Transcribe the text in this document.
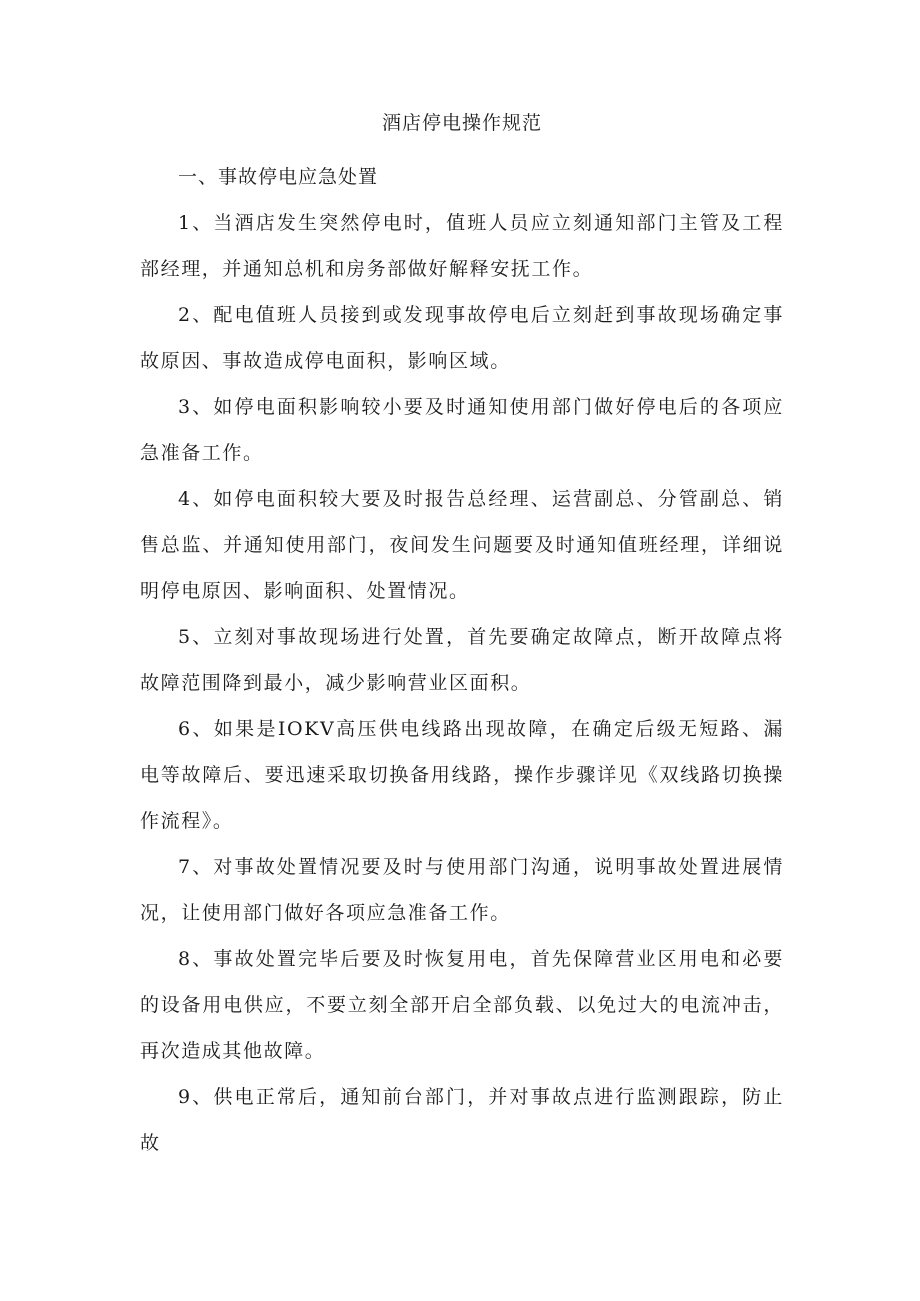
酒店停电操作规范

一、事故停电应急处置

1、当酒店发生突然停电时，值班人员应立刻通知部门主管及工程部经理，并通知总机和房务部做好解释安抚工作。

2、配电值班人员接到或发现事故停电后立刻赶到事故现场确定事故原因、事故造成停电面积，影响区域。

3、如停电面积影响较小要及时通知使用部门做好停电后的各项应急准备工作。

4、如停电面积较大要及时报告总经理、运营副总、分管副总、销售总监、并通知使用部门，夜间发生问题要及时通知值班经理，详细说明停电原因、影响面积、处置情况。

5、立刻对事故现场进行处置，首先要确定故障点，断开故障点将故障范围降到最小，减少影响营业区面积。

6、如果是IOKV高压供电线路出现故障，在确定后级无短路、漏电等故障后、要迅速采取切换备用线路，操作步骤详见《双线路切换操作流程》。

7、对事故处置情况要及时与使用部门沟通，说明事故处置进展情况，让使用部门做好各项应急准备工作。

8、事故处置完毕后要及时恢复用电，首先保障营业区用电和必要的设备用电供应，不要立刻全部开启全部负载、以免过大的电流冲击，再次造成其他故障。

9、供电正常后，通知前台部门，并对事故点进行监测跟踪，防止故
